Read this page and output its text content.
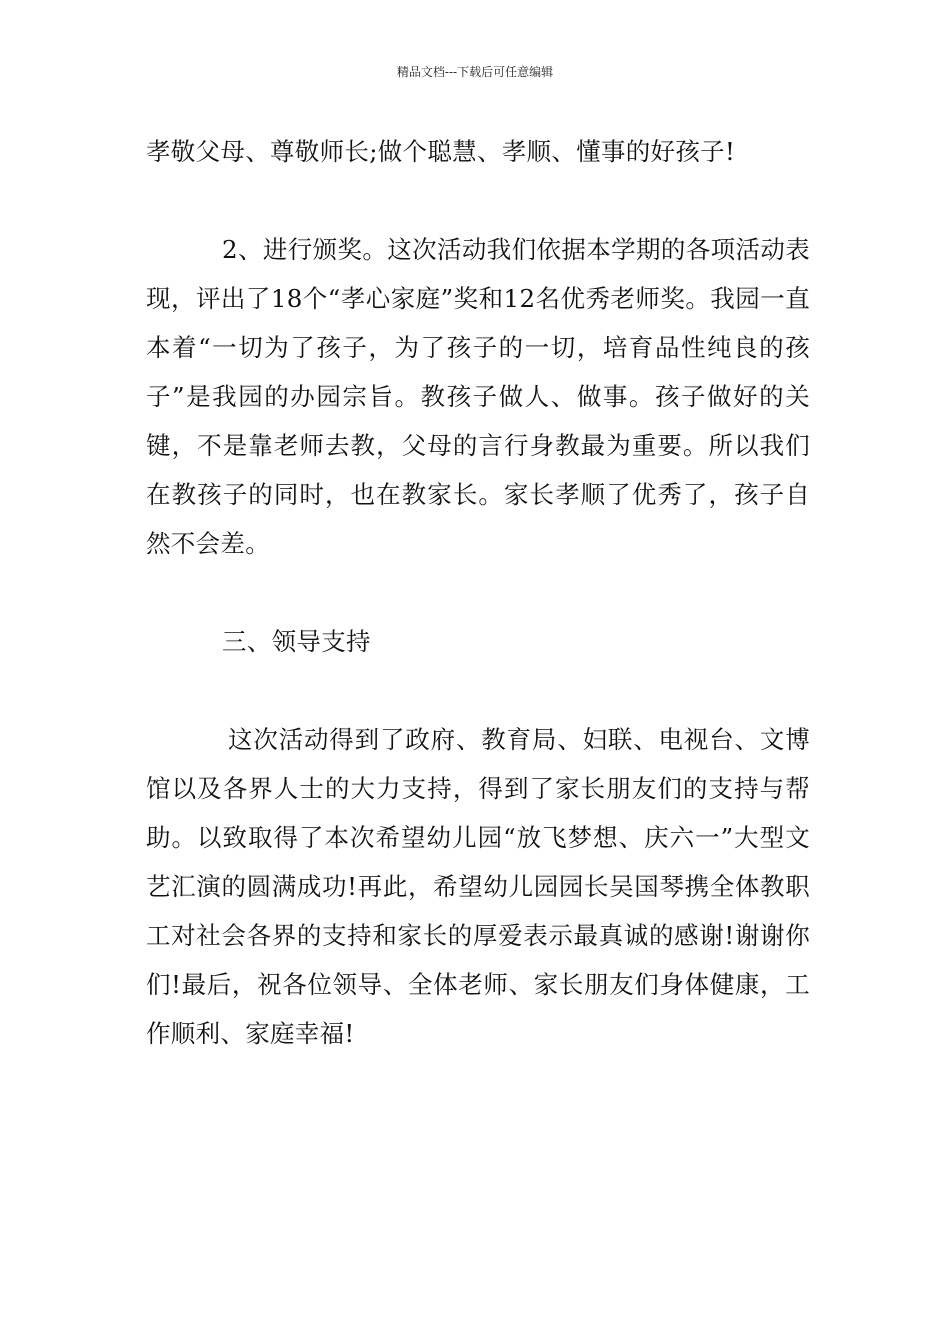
精品文档---下载后可任意编辑

孝敬父母、尊敬师长;做个聪慧、孝顺、懂事的好孩子!

2、进行颁奖。这次活动我们依据本学期的各项活动表现，评出了18个“孝心家庭”奖和12名优秀老师奖。我园一直本着“一切为了孩子，为了孩子的一切，培育品性纯良的孩子”是我园的办园宗旨。教孩子做人、做事。孩子做好的关键，不是靠老师去教，父母的言行身教最为重要。所以我们在教孩子的同时，也在教家长。家长孝顺了优秀了，孩子自然不会差。

三、领导支持

这次活动得到了政府、教育局、妇联、电视台、文博馆以及各界人士的大力支持，得到了家长朋友们的支持与帮助。以致取得了本次希望幼儿园“放飞梦想、庆六一”大型文艺汇演的圆满成功!再此，希望幼儿园园长吴国琴携全体教职工对社会各界的支持和家长的厚爱表示最真诚的感谢!谢谢你们!最后，祝各位领导、全体老师、家长朋友们身体健康，工作顺利、家庭幸福!
